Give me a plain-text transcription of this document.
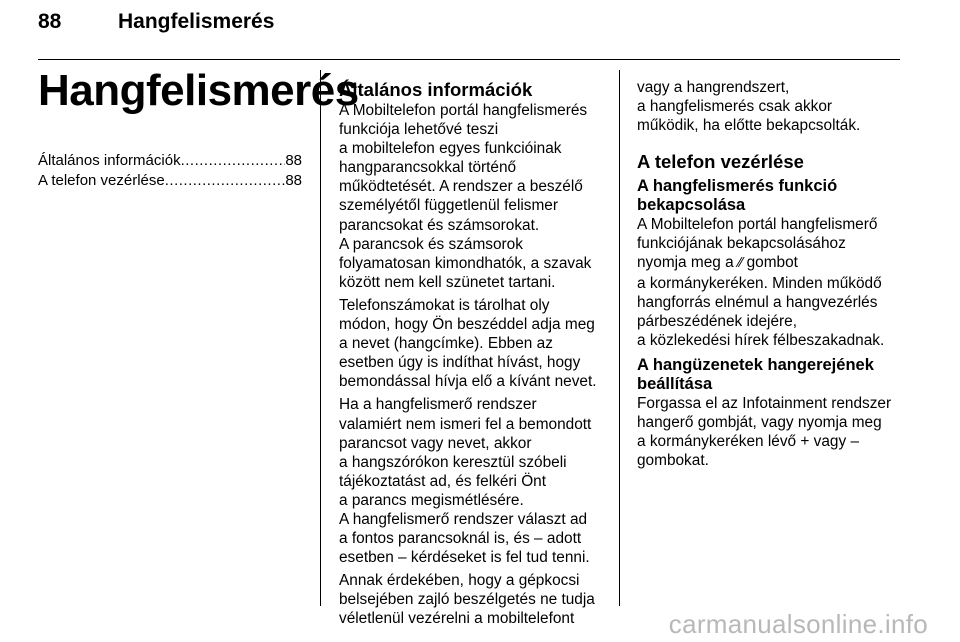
88	Hangfelismerés
Hangfelismerés
Általános információk .....	88
A telefon vezérlése .....	88
Általános információk

A Mobiltelefon portál hangfelismerés
funkciója lehetővé teszi
a mobiltelefon egyes funkcióinak
hangparancsokkal történő
működtetését. A rendszer a beszélő
személyétől függetlenül felismer
parancsokat és számsorokat.
A parancsok és számsorok
folyamatosan kimondhatók, a szavak
között nem kell szünetet tartani.

Telefonszámokat is tárolhat oly
módon, hogy Ön beszéddel adja meg
a nevet (hangcímke). Ebben az
esetben úgy is indíthat hívást, hogy
bemondással hívja elő a kívánt nevet.

Ha a hangfelismerő rendszer
valamiért nem ismeri fel a bemondott
parancsot vagy nevet, akkor
a hangszórókon keresztül szóbeli
tájékoztatást ad, és felkéri Önt
a parancs megismétlésére.
A hangfelismerő rendszer választ ad
a fontos parancsoknál is, és – adott
esetben – kérdéseket is fel tud tenni.

Annak érdekében, hogy a gépkocsi
belsejében zajló beszélgetés ne tudja
véletlenül vezérelni a mobiltelefont

vagy a hangrendszert,
a hangfelismerés csak akkor
működik, ha előtte bekapcsolták.

A telefon vezérlése
A hangfelismerés funkció
bekapcsolása

A Mobiltelefon portál hangfelismerő
funkciójának bekapcsolásához
nyomja meg a ⁄⁄ gombot
a kormánykeréken. Minden működő
hangforrás elnémul a hangvezérlés
párbeszédének idejére,
a közlekedési hírek félbeszakadnak.

A hangüzenetek hangerejének
beállítása

Forgassa el az Infotainment rendszer
hangerő gombját, vagy nyomja meg
a kormánykeréken lévő + vagy –
gombokat.

carmanualsonline.info
